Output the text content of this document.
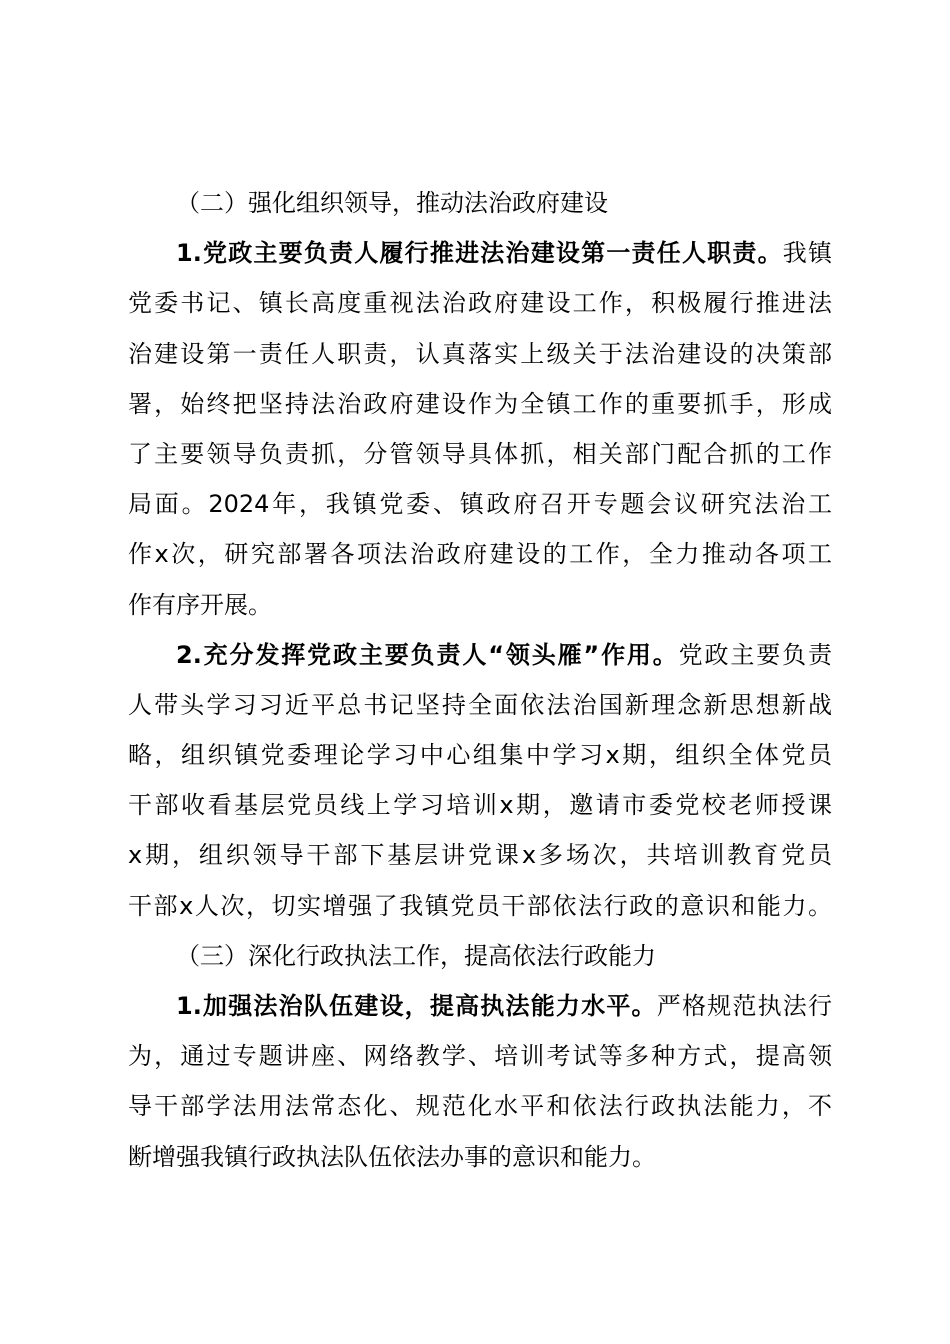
（二）强化组织领导，推动法治政府建设
1.党政主要负责人履行推进法治建设第一责任人职责。我镇
党委书记、镇长高度重视法治政府建设工作，积极履行推进法
治建设第一责任人职责，认真落实上级关于法治建设的决策部
署，始终把坚持法治政府建设作为全镇工作的重要抓手，形成
了主要领导负责抓，分管领导具体抓，相关部门配合抓的工作
局面。2024年，我镇党委、镇政府召开专题会议研究法治工
作x次，研究部署各项法治政府建设的工作，全力推动各项工
作有序开展。
2.充分发挥党政主要负责人“领头雁”作用。党政主要负责
人带头学习习近平总书记坚持全面依法治国新理念新思想新战
略，组织镇党委理论学习中心组集中学习x期，组织全体党员
干部收看基层党员线上学习培训x期，邀请市委党校老师授课
x期，组织领导干部下基层讲党课x多场次，共培训教育党员
干部x人次，切实增强了我镇党员干部依法行政的意识和能力。
（三）深化行政执法工作，提高依法行政能力
1.加强法治队伍建设，提高执法能力水平。严格规范执法行
为，通过专题讲座、网络教学、培训考试等多种方式，提高领
导干部学法用法常态化、规范化水平和依法行政执法能力，不
断增强我镇行政执法队伍依法办事的意识和能力。
